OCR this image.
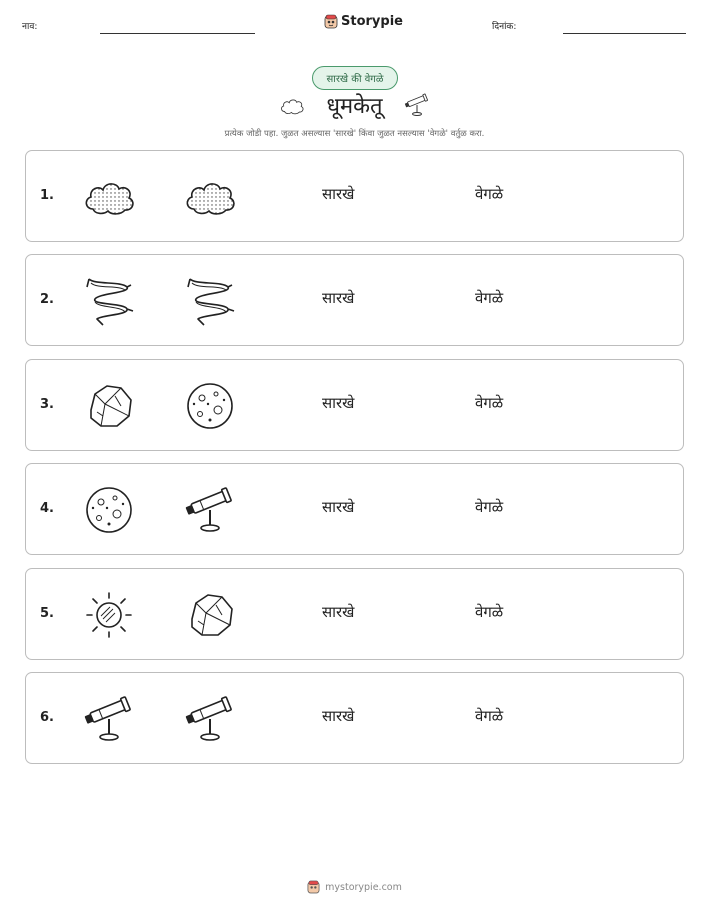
नाव:	Storypie	दिनांक:
सारखे की वेगळे
धूमकेतू
प्रत्येक जोडी पहा. जुळत असल्यास 'सारखे' किंवा जुळत नसल्यास 'वेगळे' वर्तुळ करा.
1.	सारखे	वेगळे
2.	सारखे	वेगळे
3.	सारखे	वेगळे
4.	सारखे	वेगळे
5.	सारखे	वेगळे
6.	सारखे	वेगळे
mystorypie.com
